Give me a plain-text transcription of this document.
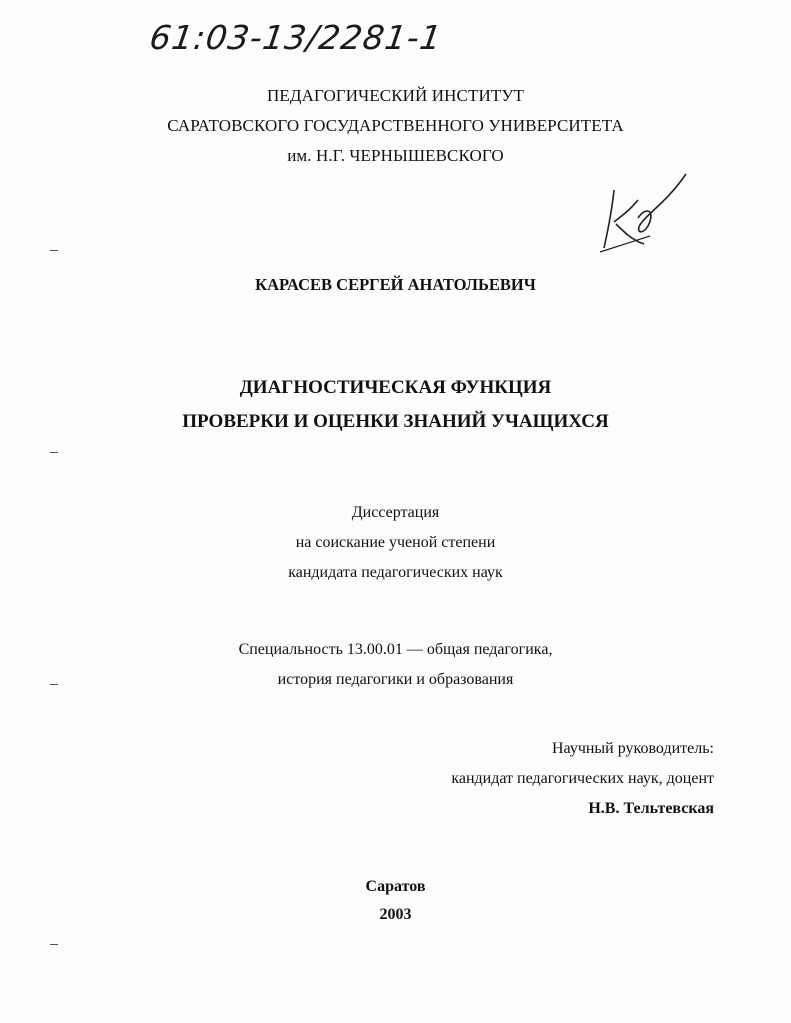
61:03-13/2281-1
ПЕДАГОГИЧЕСКИЙ ИНСТИТУТ
САРАТОВСКОГО ГОСУДАРСТВЕННОГО УНИВЕРСИТЕТА
им. Н.Г. ЧЕРНЫШЕВСКОГО
КАРАСЕВ СЕРГЕЙ АНАТОЛЬЕВИЧ
ДИАГНОСТИЧЕСКАЯ ФУНКЦИЯ
ПРОВЕРКИ И ОЦЕНКИ ЗНАНИЙ УЧАЩИХСЯ
Диссертация
на соискание ученой степени
кандидата педагогических наук
Специальность 13.00.01 — общая педагогика,
история педагогики и образования
Научный руководитель:
кандидат педагогических наук, доцент
Н.В. Тельтевская
Саратов
2003
